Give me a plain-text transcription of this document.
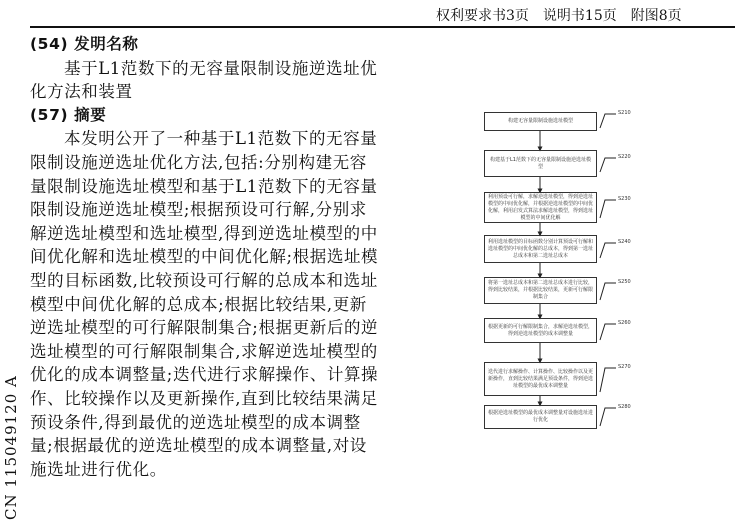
权利要求书3页 说明书15页 附图8页
(54) 发明名称
基于L1范数下的无容量限制设施逆选址优
化方法和装置
(57) 摘要
本发明公开了一种基于L1范数下的无容量
限制设施逆选址优化方法,包括:分别构建无容
量限制设施选址模型和基于L1范数下的无容量
限制设施逆选址模型;根据预设可行解,分别求
解逆选址模型和选址模型,得到逆选址模型的中
间优化解和选址模型的中间优化解;根据选址模
型的目标函数,比较预设可行解的总成本和选址
模型中间优化解的总成本;根据比较结果,更新
逆选址模型的可行解限制集合;根据更新后的逆
选址模型的可行解限制集合,求解逆选址模型的
优化的成本调整量;迭代进行求解操作、计算操
作、比较操作以及更新操作,直到比较结果满足
预设条件,得到最优的逆选址模型的成本调整
量;根据最优的逆选址模型的成本调整量,对设
施选址进行优化。
CN 115049120 A
构建无容量限制设施选址模型
构建基于L1范数下的无容量限制设施逆选址模型
利用预设可行解，求解逆选址模型，得到逆选址模型的中间优化解，并根据逆选址模型的中间优化解，利用启发式算法求解选址模型，得到选址模型的中间优化解
利用选址模型的目标函数分别计算预设可行解和选址模型的中间优化解的总成本，得到第一选址总成本和第二选址总成本
将第一选址总成本和第二选址总成本进行比较，得到比较结果，并根据比较结果，更新可行解限制集合
根据更新的可行解限制集合，求解逆选址模型，得到逆选址模型的成本调整量
迭代进行求解操作、计算操作、比较操作以及更新操作，直到比较结果满足预设条件，得到逆选址模型的最优成本调整量
根据逆选址模型的最优成本调整量对设施选址进行优化
S210
S220
S230
S240
S250
S260
S270
S280
